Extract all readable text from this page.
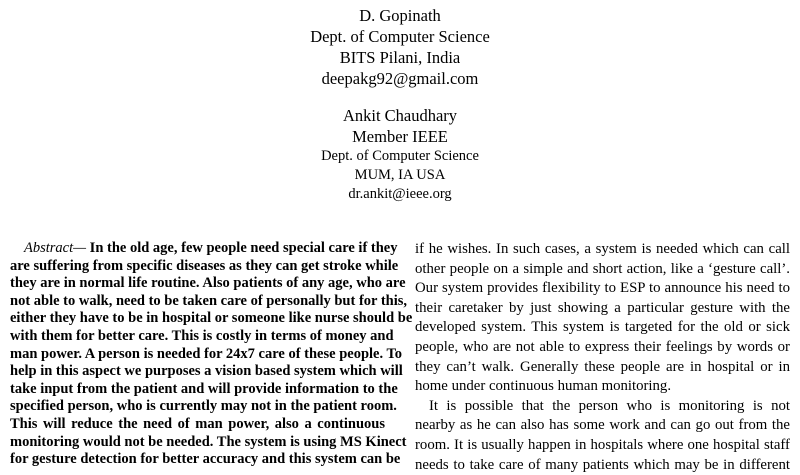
D. Gopinath
Dept. of Computer Science
BITS Pilani, India
deepakg92@gmail.com
Ankit Chaudhary
Member IEEE
Dept. of Computer Science
MUM, IA USA
dr.ankit@ieee.org
Abstract— In the old age, few people need special care if they
are suffering from specific diseases as they can get stroke while
they are in normal life routine. Also patients of any age, who are
not able to walk, need to be taken care of personally but for this,
either they have to be in hospital or someone like nurse should be
with them for better care. This is costly in terms of money and
man power. A person is needed for 24x7 care of these people. To
help in this aspect we purposes a vision based system which will
take input from the patient and will provide information to the
specified person, who is currently may not in the patient room.
This will reduce the need of man power, also a continuous
monitoring would not be needed. The system is using MS Kinect
for gesture detection for better accuracy and this system can be
if he wishes. In such cases, a system is needed which can call
other people on a simple and short action, like a ‘gesture call’.
Our system provides flexibility to ESP to announce his need to
their caretaker by just showing a particular gesture with the
developed system. This system is targeted for the old or sick
people, who are not able to express their feelings by words or
they can’t walk. Generally these people are in hospital or in
home under continuous human monitoring.
It is possible that the person who is monitoring is not
nearby as he can also has some work and can go out from the
room. It is usually happen in hospitals where one hospital staff
needs to take care of many patients which may be in different
